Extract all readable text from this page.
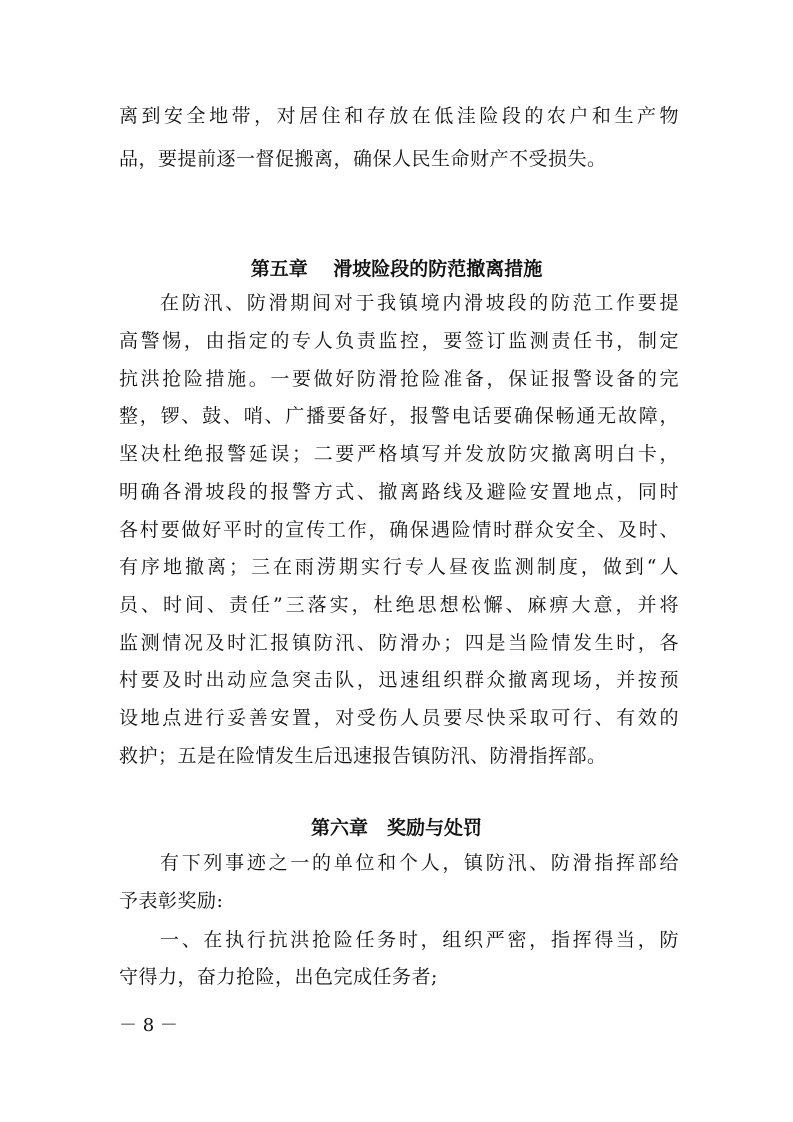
离到安全地带，对居住和存放在低洼险段的农户和生产物
品，要提前逐一督促搬离，确保人民生命财产不受损失。
第五章　 滑坡险段的防范撤离措施
在防汛、防滑期间对于我镇境内滑坡段的防范工作要提
高警惕，由指定的专人负责监控，要签订监测责任书，制定
抗洪抢险措施。一要做好防滑抢险准备，保证报警设备的完
整，锣、鼓、哨、广播要备好，报警电话要确保畅通无故障，
坚决杜绝报警延误；二要严格填写并发放防灾撤离明白卡，
明确各滑坡段的报警方式、撤离路线及避险安置地点，同时
各村要做好平时的宣传工作，确保遇险情时群众安全、及时、
有序地撤离；三在雨涝期实行专人昼夜监测制度，做到“人
员、时间、责任”三落实，杜绝思想松懈、麻痹大意，并将
监测情况及时汇报镇防汛、防滑办；四是当险情发生时，各
村要及时出动应急突击队，迅速组织群众撤离现场，并按预
设地点进行妥善安置，对受伤人员要尽快采取可行、有效的
救护；五是在险情发生后迅速报告镇防汛、防滑指挥部。
第六章　奖励与处罚
有下列事迹之一的单位和个人，镇防汛、防滑指挥部给
予表彰奖励:
一、在执行抗洪抢险任务时，组织严密，指挥得当，防
守得力，奋力抢险，出色完成任务者;
－ 8 －
